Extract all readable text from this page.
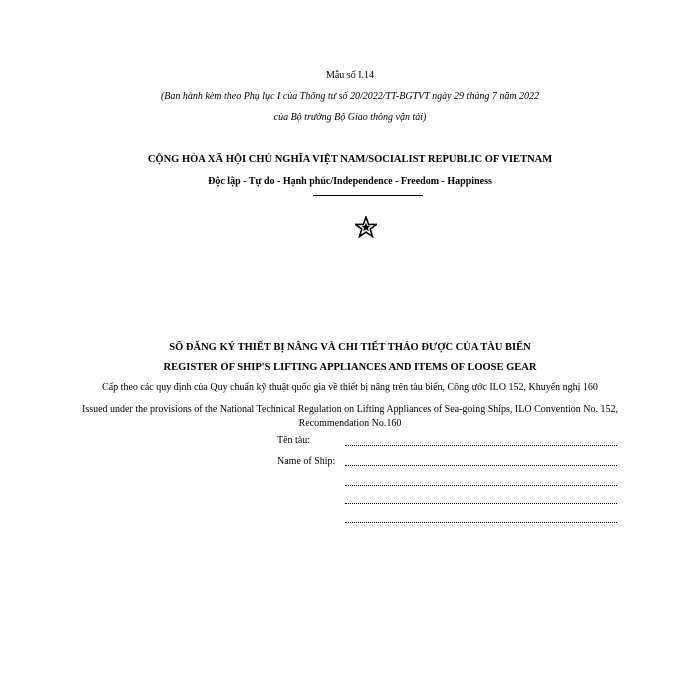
Mẫu số I.14
(Ban hành kèm theo Phụ lục I của Thông tư số 20/2022/TT-BGTVT ngày 29 tháng 7 năm 2022
của Bộ trưởng Bộ Giao thông vận tải)
CỘNG HÒA XÃ HỘI CHỦ NGHĨA VIỆT NAM/SOCIALIST REPUBLIC OF VIETNAM
Độc lập - Tự do - Hạnh phúc/Independence - Freedom - Happiness
SỔ ĐĂNG KÝ THIẾT BỊ NÂNG VÀ CHI TIẾT THÁO ĐƯỢC CỦA TÀU BIỂN
REGISTER OF SHIP'S LIFTING APPLIANCES AND ITEMS OF LOOSE GEAR
Cấp theo các quy định của Quy chuẩn kỹ thuật quốc gia về thiết bị nâng trên tàu biển, Công ước ILO 152, Khuyến nghị 160
Issued under the provisions of the National Technical Regulation on Lifting Appliances of Sea-going Ships, ILO Convention No. 152, Recommendation No.160
Tên tàu:
Name of Ship:
